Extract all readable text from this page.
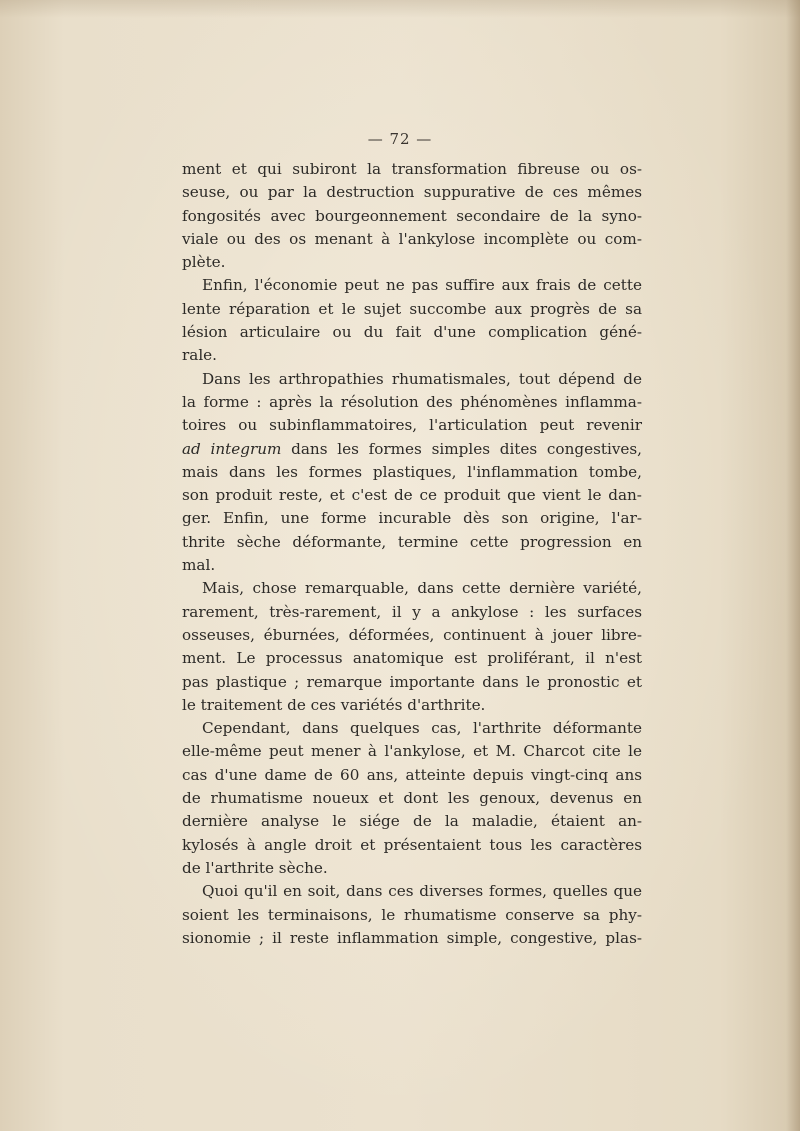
— 72 —
ment et qui subiront la transformation fibreuse ou os-
seuse, ou par la destruction suppurative de ces mêmes
fongosités avec bourgeonnement secondaire de la syno-
viale ou des os menant à l'ankylose incomplète ou com-
plète.
Enfin, l'économie peut ne pas suffire aux frais de cette
lente réparation et le sujet succombe aux progrès de sa
lésion articulaire ou du fait d'une complication géné-
rale.
Dans les arthropathies rhumatismales, tout dépend de
la forme : après la résolution des phénomènes inflamma-
toires ou subinflammatoires, l'articulation peut revenir
ad integrum dans les formes simples dites congestives,
mais dans les formes plastiques, l'inflammation tombe,
son produit reste, et c'est de ce produit que vient le dan-
ger. Enfin, une forme incurable dès son origine, l'ar-
thrite sèche déformante, termine cette progression en
mal.
Mais, chose remarquable, dans cette dernière variété,
rarement, très-rarement, il y a ankylose : les surfaces
osseuses, éburnées, déformées, continuent à jouer libre-
ment. Le processus anatomique est proliférant, il n'est
pas plastique ; remarque importante dans le pronostic et
le traitement de ces variétés d'arthrite.
Cependant, dans quelques cas, l'arthrite déformante
elle-même peut mener à l'ankylose, et M. Charcot cite le
cas d'une dame de 60 ans, atteinte depuis vingt-cinq ans
de rhumatisme noueux et dont les genoux, devenus en
dernière analyse le siége de la maladie, étaient an-
kylosés à angle droit et présentaient tous les caractères
de l'arthrite sèche.
Quoi qu'il en soit, dans ces diverses formes, quelles que
soient les terminaisons, le rhumatisme conserve sa phy-
sionomie ; il reste inflammation simple, congestive, plas-
